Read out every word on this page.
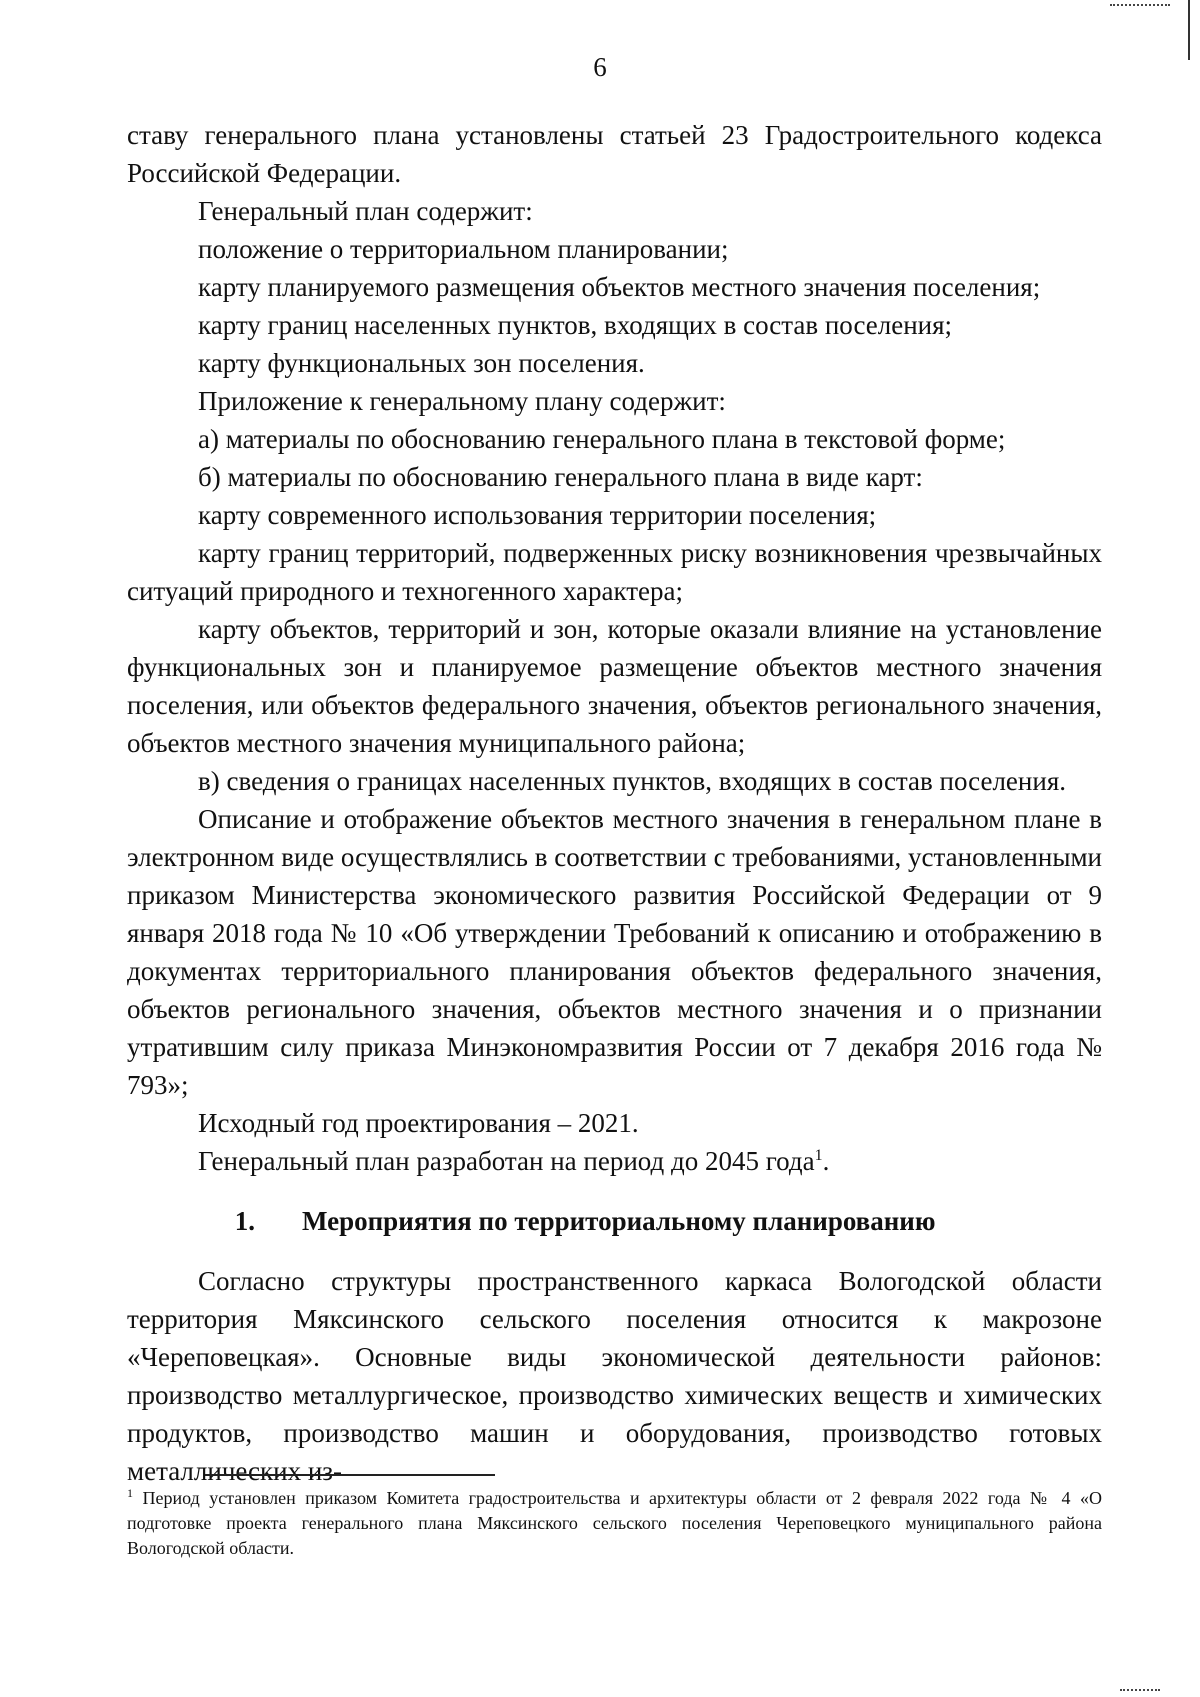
6

ставу генерального плана установлены статьей 23 Градостроительного кодекса Российской Федерации.

Генеральный план содержит:

положение о территориальном планировании;

карту планируемого размещения объектов местного значения поселения;

карту границ населенных пунктов, входящих в состав поселения;

карту функциональных зон поселения.

Приложение к генеральному плану содержит:

а) материалы по обоснованию генерального плана в текстовой форме;

б) материалы по обоснованию генерального плана в виде карт:

карту современного использования территории поселения;

карту границ территорий, подверженных риску возникновения чрезвычайных ситуаций природного и техногенного характера;

карту объектов, территорий и зон, которые оказали влияние на установление функциональных зон и планируемое размещение объектов местного значения поселения, или объектов федерального значения, объектов регионального значения, объектов местного значения муниципального района;

в) сведения о границах населенных пунктов, входящих в состав поселения.

Описание и отображение объектов местного значения в генеральном плане в электронном виде осуществлялись в соответствии с требованиями, установленными приказом Министерства экономического развития Российской Федерации от 9 января 2018 года № 10 «Об утверждении Требований к описанию и отображению в документах территориального планирования объектов федерального значения, объектов регионального значения, объектов местного значения и о признании утратившим силу приказа Минэкономразвития России от 7 декабря 2016 года № 793»;

Исходный год проектирования – 2021.

Генеральный план разработан на период до 2045 года$^1$.

1.	Мероприятия по территориальному планированию

Согласно структуры пространственного каркаса Вологодской области территория Мяксинского сельского поселения относится к макрозоне «Череповецкая». Основные виды экономической деятельности районов: производство металлургическое, производство химических веществ и химических продуктов, производство машин и оборудования, производство готовых металлических из-

$^1$ Период установлен приказом Комитета градостроительства и архитектуры области от 2 февраля 2022 года № 4 «О подготовке проекта генерального плана Мяксинского сельского поселения Череповецкого муниципального района Вологодской области.
